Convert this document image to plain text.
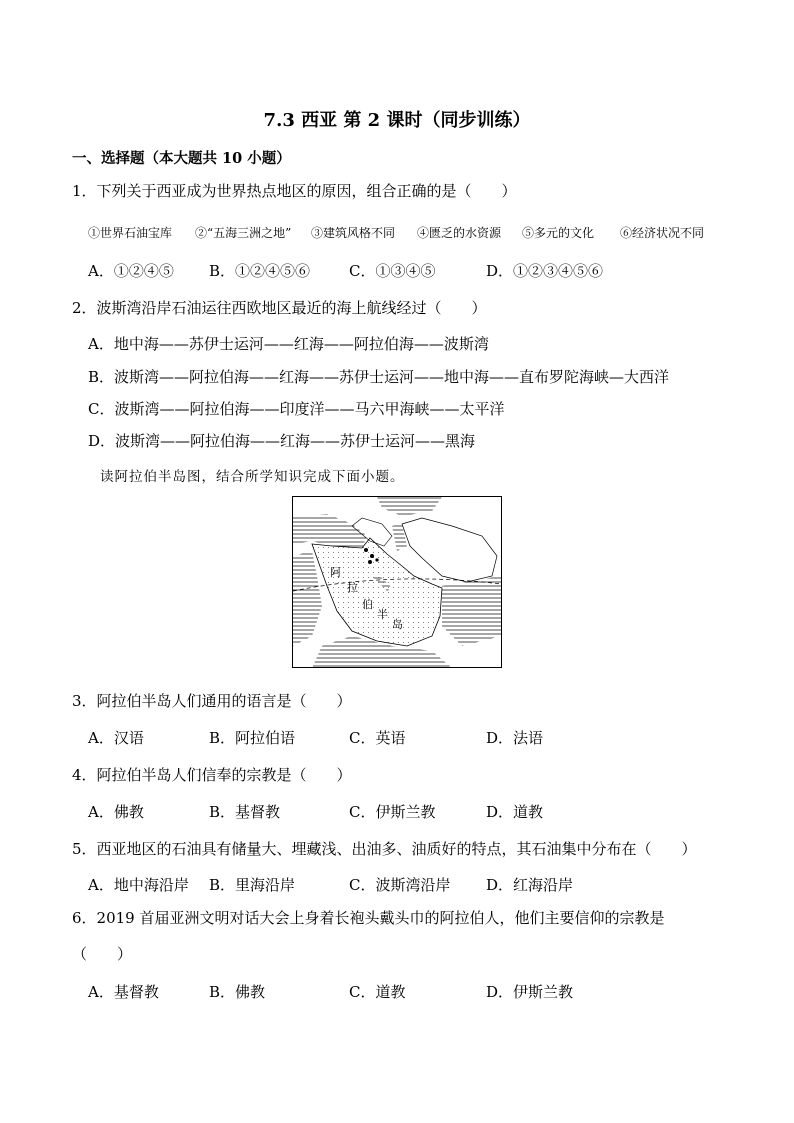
7.3 西亚 第 2 课时（同步训练）
一、选择题（本大题共 10 小题）
1．下列关于西亚成为世界热点地区的原因，组合正确的是（　　）
①世界石油宝库 ②“五海三洲之地” ③建筑风格不同 ④匮乏的水资源 ⑤多元的文化 ⑥经济状况不同
A．①②④⑤ B．①②④⑤⑥	C．①③④⑤	D．①②③④⑤⑥
2．波斯湾沿岸石油运往西欧地区最近的海上航线经过（　　）
A．地中海——苏伊士运河——红海——阿拉伯海——波斯湾
B．波斯湾——阿拉伯海——红海——苏伊士运河——地中海——直布罗陀海峡—大西洋
C．波斯湾——阿拉伯海——印度洋——马六甲海峡——太平洋
D．波斯湾——阿拉伯海——红海——苏伊士运河——黑海
读阿拉伯半岛图，结合所学知识完成下面小题。
阿
拉
伯
半
岛
3．阿拉伯半岛人们通用的语言是（　　）
A．汉语	B．阿拉伯语	C．英语	D．法语
4．阿拉伯半岛人们信奉的宗教是（　　）
A．佛教	B．基督教	C．伊斯兰教	D．道教
5．西亚地区的石油具有储量大、埋藏浅、出油多、油质好的特点，其石油集中分布在（　　）
A．地中海沿岸 B．里海沿岸	C．波斯湾沿岸 D．红海沿岸
6．2019 首届亚洲文明对话大会上身着长袍头戴头巾的阿拉伯人，他们主要信仰的宗教是
（　　）
A．基督教	B．佛教	C．道教	D．伊斯兰教
